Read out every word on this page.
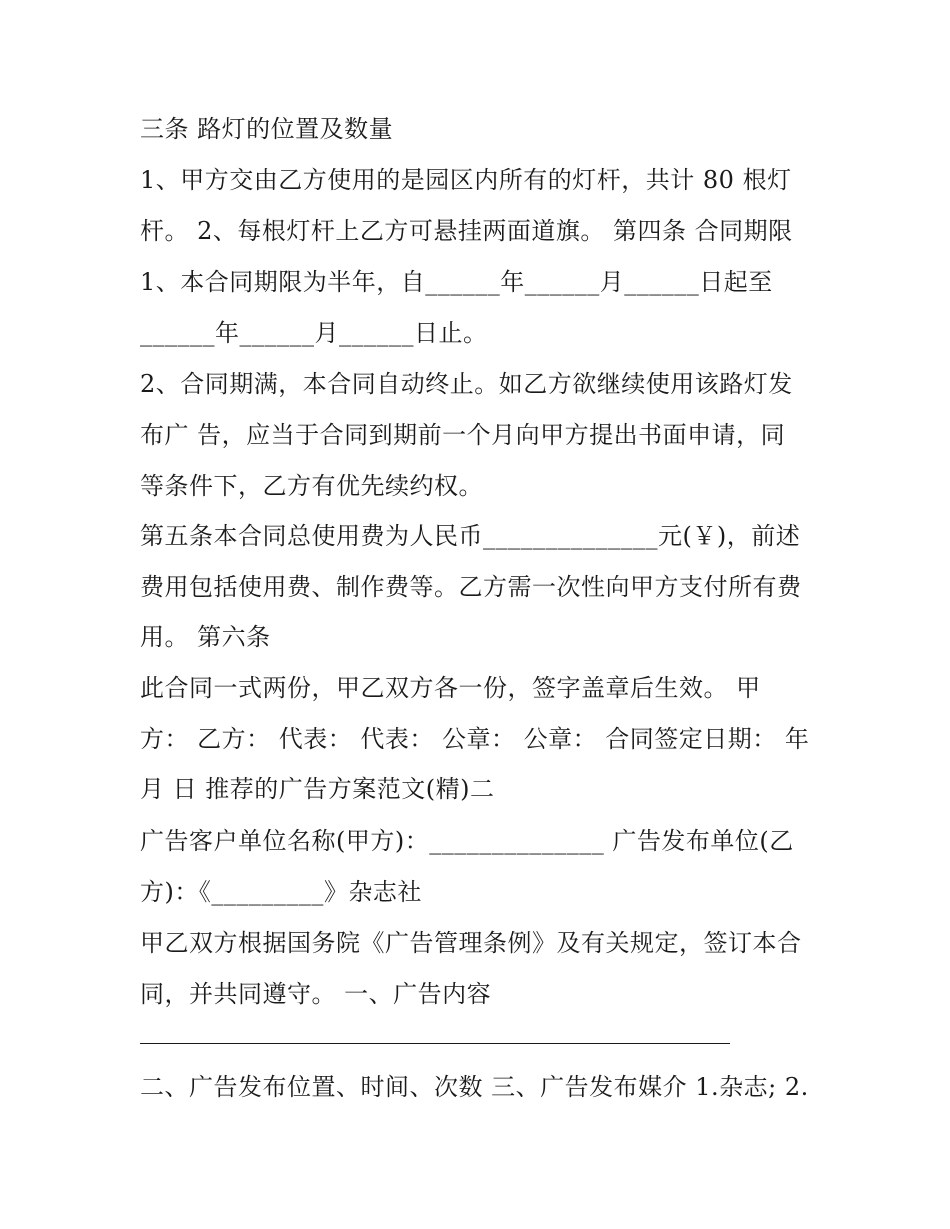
三条 路灯的位置及数量
1、甲方交由乙方使用的是园区内所有的灯杆，共计 80 根灯
杆。 2、每根灯杆上乙方可悬挂两面道旗。 第四条 合同期限
1、本合同期限为半年，自______年______月______日起至
______年______月______日止。
2、合同期满，本合同自动终止。如乙方欲继续使用该路灯发
布广 告，应当于合同到期前一个月向甲方提出书面申请，同
等条件下，乙方有优先续约权。
第五条本合同总使用费为人民币______________元(￥)，前述
费用包括使用费、制作费等。乙方需一次性向甲方支付所有费
用。 第六条
此合同一式两份，甲乙双方各一份，签字盖章后生效。 甲
方： 乙方： 代表： 代表： 公章： 公章： 合同签定日期： 年
月 日 推荐的广告方案范文(精)二
广告客户单位名称(甲方)：______________ 广告发布单位(乙
方)：《_________》杂志社
甲乙双方根据国务院《广告管理条例》及有关规定，签订本合
同，并共同遵守。 一、广告内容
二、广告发布位置、时间、次数 三、广告发布媒介 1.杂志; 2.
